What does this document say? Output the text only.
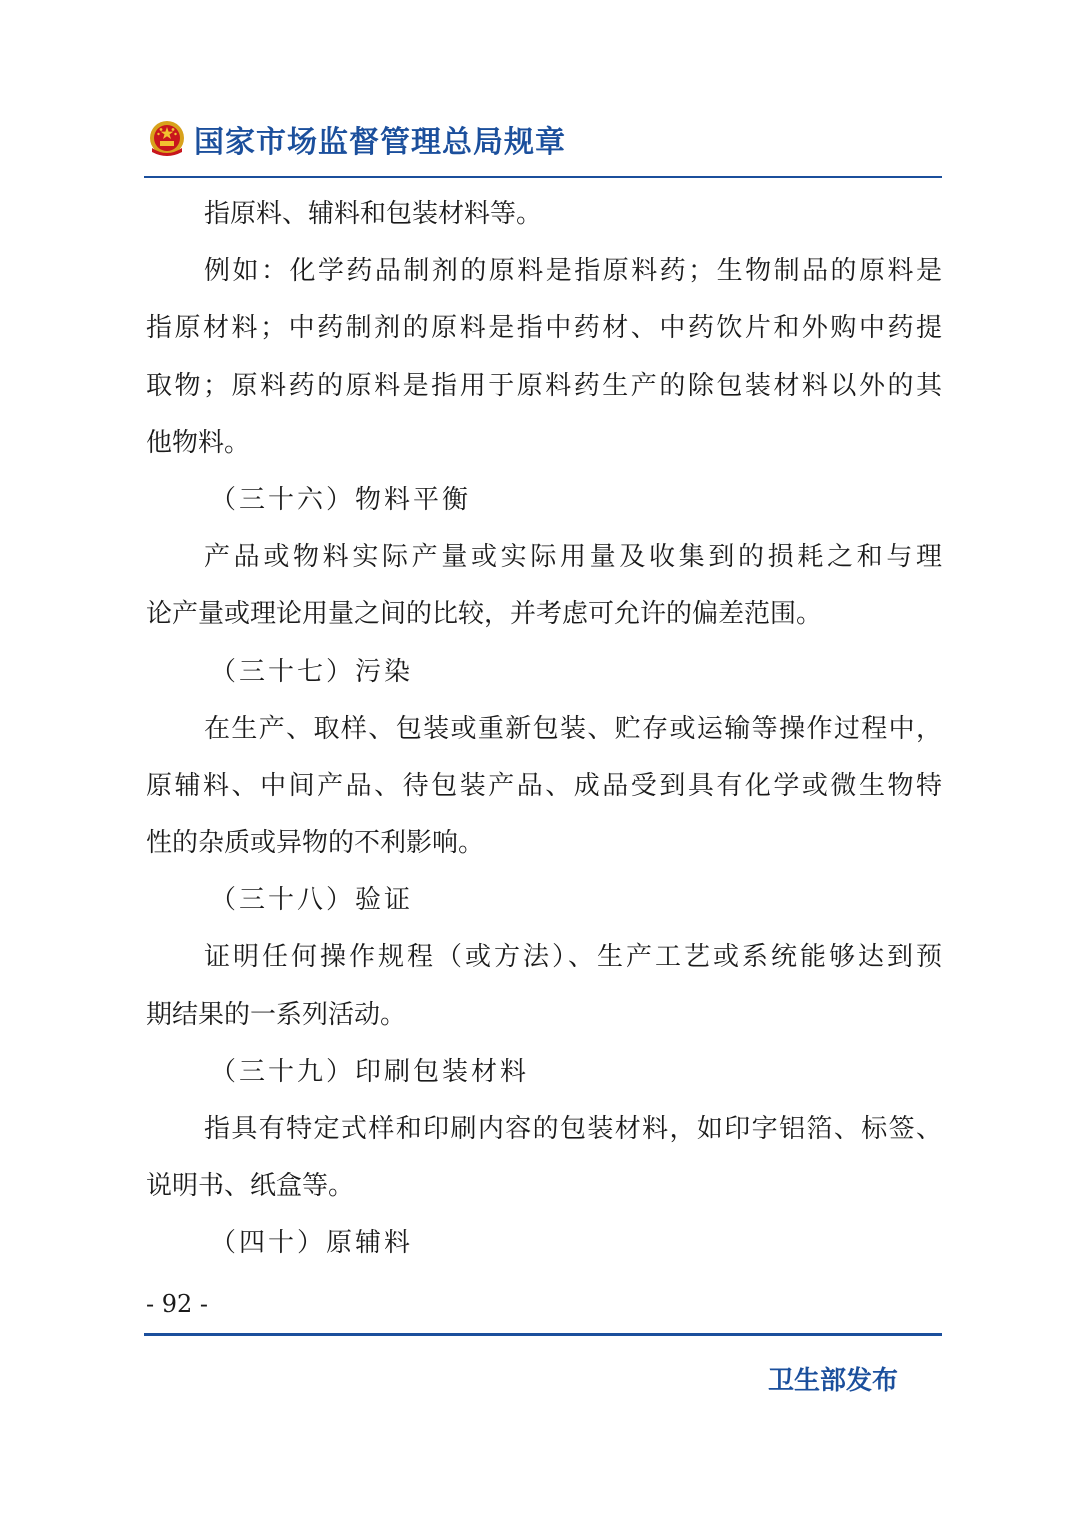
国家市场监督管理总局规章
指原料、辅料和包装材料等。
例如：化学药品制剂的原料是指原料药；生物制品的原料是
指原材料；中药制剂的原料是指中药材、中药饮片和外购中药提
取物；原料药的原料是指用于原料药生产的除包装材料以外的其
他物料。
（三十六）物料平衡
产品或物料实际产量或实际用量及收集到的损耗之和与理
论产量或理论用量之间的比较，并考虑可允许的偏差范围。
（三十七）污染
在生产、取样、包装或重新包装、贮存或运输等操作过程中，
原辅料、中间产品、待包装产品、成品受到具有化学或微生物特
性的杂质或异物的不利影响。
（三十八）验证
证明任何操作规程（或方法）、生产工艺或系统能够达到预
期结果的一系列活动。
（三十九）印刷包装材料
指具有特定式样和印刷内容的包装材料，如印字铝箔、标签、
说明书、纸盒等。
（四十）原辅料
- 92 -
卫生部发布
